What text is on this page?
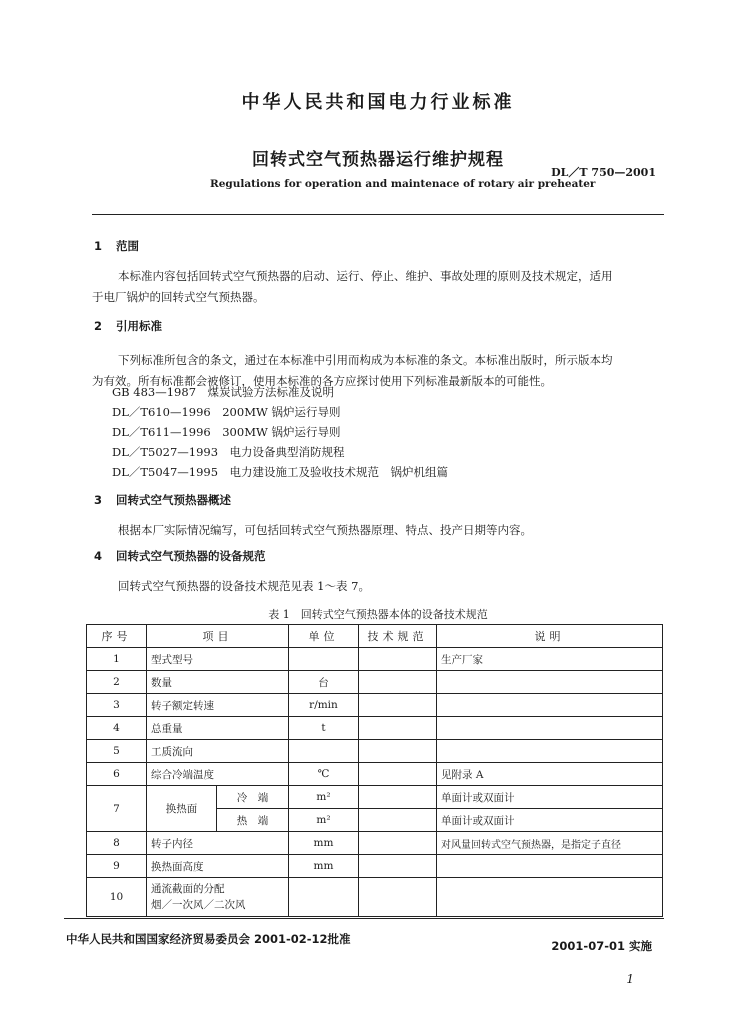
中华人民共和国电力行业标准
回转式空气预热器运行维护规程
DL／T 750—2001
Regulations for operation and maintenace of rotary air preheater
1 范围
本标准内容包括回转式空气预热器的启动、运行、停止、维护、事故处理的原则及技术规定，适用
于电厂锅炉的回转式空气预热器。
2 引用标准
下列标准所包含的条文，通过在本标准中引用而构成为本标准的条文。本标准出版时，所示版本均
为有效。所有标准都会被修订，使用本标准的各方应探讨使用下列标准最新版本的可能性。
GB 483—1987　煤炭试验方法标准及说明
DL／T610—1996　200MW 锅炉运行导则
DL／T611—1996　300MW 锅炉运行导则
DL／T5027—1993　电力设备典型消防规程
DL／T5047—1995　电力建设施工及验收技术规范　锅炉机组篇
3 回转式空气预热器概述
根据本厂实际情况编写，可包括回转式空气预热器原理、特点、投产日期等内容。
4 回转式空气预热器的设备规范
回转式空气预热器的设备技术规范见表 1～表 7。
表 1　回转式空气预热器本体的设备技术规范
序号	项目		单位	技术规范	说明
1	型式型号				生产厂家
2	数量		台		
3	转子额定转速		r/min		
4	总重量		t		
5	工质流向				
6	综合冷端温度		℃		见附录 A
7	换热面	冷　端	m²		单面计或双面计
		热　端	m²		单面计或双面计
8	转子内径		mm		对风量回转式空气预热器，是指定子直径
9	换热面高度		mm		
10	通流截面的分配
烟／一次风／二次风				

中华人民共和国国家经济贸易委员会 2001-02-12批准	2001-07-01 实施
1
